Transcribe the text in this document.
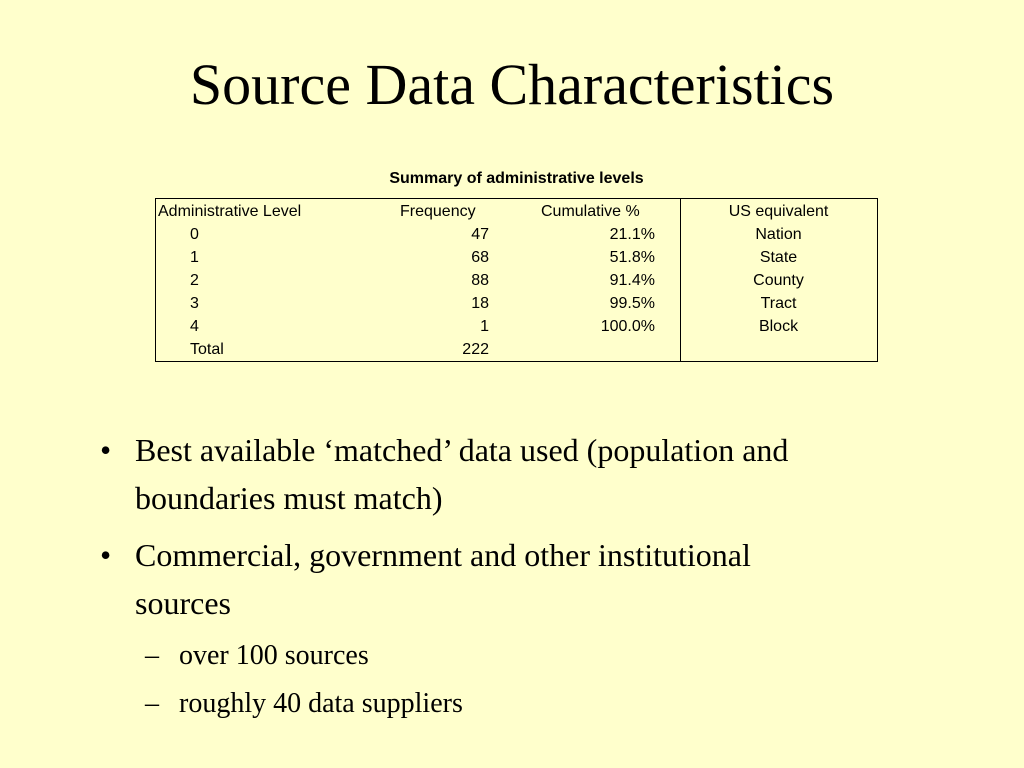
Source Data Characteristics
Summary of administrative levels
Administrative Level	Frequency	Cumulative %	US equivalent
0	47	21.1%	Nation
1	68	51.8%	State
2	88	91.4%	County
3	18	99.5%	Tract
4	1	100.0%	Block
Total	222
• Best available ‘matched’ data used (population and
boundaries must match)
• Commercial, government and other institutional
sources
– over 100 sources
– roughly 40 data suppliers
